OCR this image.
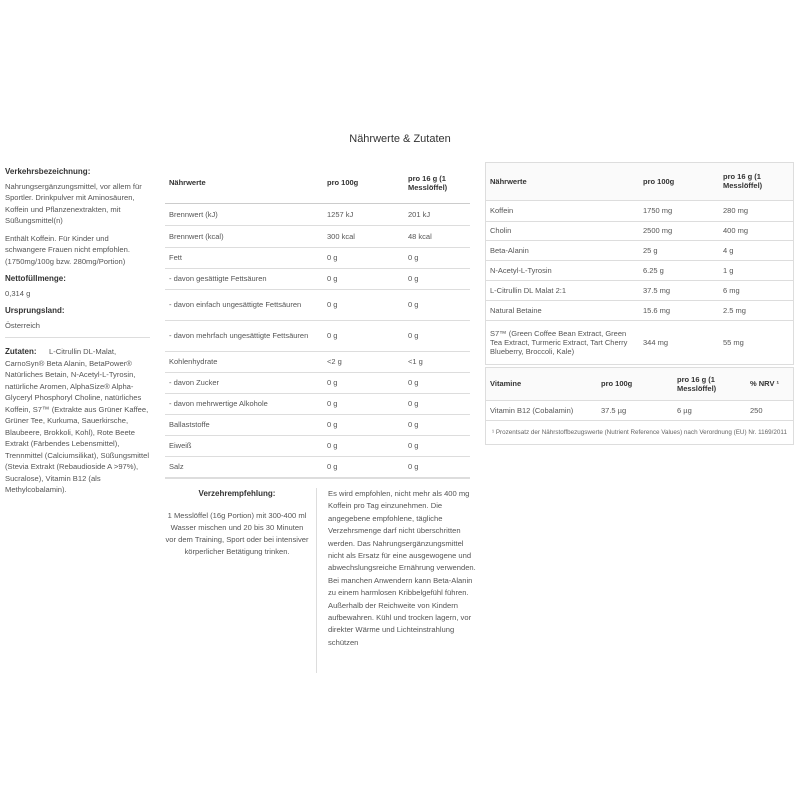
Nährwerte & Zutaten
Verkehrsbezeichnung:

Nahrungsergänzungsmittel, vor allem für Sportler. Drinkpulver mit Aminosäuren, Koffein und Pflanzenextrakten, mit Süßungsmittel(n)

Enthält Koffein. Für Kinder und schwangere Frauen nicht empfohlen. (1750mg/100g bzw. 280mg/Portion)

Nettofüllmenge:

0,314 g

Ursprungsland:

Österreich

Zutaten:	L-Citrullin DL-Malat,

CarnoSyn® Beta Alanin, BetaPower® Natürliches Betain, N-Acetyl-L-Tyrosin, natürliche Aromen, AlphaSize® Alpha-Glyceryl Phosphoryl Choline, natürliches Koffein, S7™ (Extrakte aus Grüner Kaffee, Grüner Tee, Kurkuma, Sauerkirsche, Blaubeere, Brokkoli, Kohl), Rote Beete Extrakt (Färbendes Lebensmittel), Trennmittel (Calciumsilikat), Süßungsmittel (Stevia Extrakt (Rebaudioside A >97%), Sucralose), Vitamin B12 (als Methylcobalamin).

Nährwerte	pro 100g	pro 16 g (1 Messlöffel)
Brennwert (kJ)	1257 kJ	201 kJ
Brennwert (kcal)	300 kcal	48 kcal
Fett	0 g	0 g
- davon gesättigte Fettsäuren	0 g	0 g
- davon einfach ungesättigte Fettsäuren	0 g	0 g
- davon mehrfach ungesättigte Fettsäuren	0 g	0 g
Kohlenhydrate	<2 g	<1 g
- davon Zucker	0 g	0 g
- davon mehrwertige Alkohole	0 g	0 g
Ballaststoffe	0 g	0 g
Eiweiß	0 g	0 g
Salz	0 g	0 g
Nährwerte	pro 100g	pro 16 g (1 Messlöffel)
Koffein	1750 mg	280 mg
Cholin	2500 mg	400 mg
Beta-Alanin	25 g	4 g
N-Acetyl-L-Tyrosin	6.25 g	1 g
L-Citrullin DL Malat 2:1	37.5 mg	6 mg
Natural Betaine	15.6 mg	2.5 mg
S7™ (Green Coffee Bean Extract, Green Tea Extract, Turmeric Extract, Tart Cherry Blueberry, Broccoli, Kale)	344 mg	55 mg
Vitamine	pro 100g	pro 16 g (1 Messlöffel)	% NRV ¹
Vitamin B12 (Cobalamin)	37.5 µg	6 µg	250
¹ Prozentsatz der Nährstoffbezugswerte (Nutrient Reference Values) nach Verordnung (EU) Nr. 1169/2011
Verzehrempfehlung:
1 Messlöffel (16g Portion) mit 300-400 ml Wasser mischen und 20 bis 30 Minuten vor dem Training, Sport oder bei intensiver körperlicher Betätigung trinken.
Es wird empfohlen, nicht mehr als 400 mg Koffein pro Tag einzunehmen. Die angegebene empfohlene, tägliche Verzehrsmenge darf nicht überschritten werden. Das Nahrungsergänzungsmittel nicht als Ersatz für eine ausgewogene und abwechslungsreiche Ernährung verwenden. Bei manchen Anwendern kann Beta-Alanin zu einem harmlosen Kribbelgefühl führen. Außerhalb der Reichweite von Kindern aufbewahren. Kühl und trocken lagern, vor direkter Wärme und Lichteinstrahlung schützen
